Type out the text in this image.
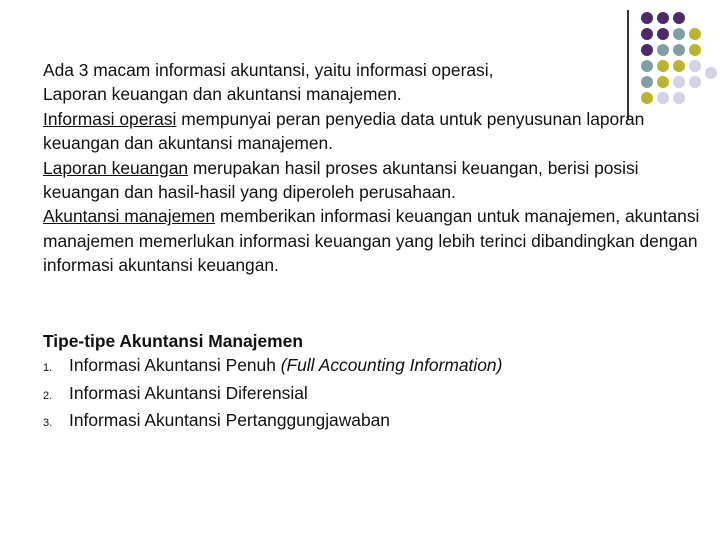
Ada 3 macam informasi akuntansi, yaitu informasi operasi,

Laporan keuangan dan akuntansi manajemen.

Informasi operasi mempunyai peran penyedia data untuk penyusunan laporan keuangan dan akuntansi manajemen.

Laporan keuangan merupakan hasil proses akuntansi keuangan, berisi posisi keuangan dan hasil-hasil yang diperoleh perusahaan.

Akuntansi manajemen memberikan informasi keuangan untuk manajemen, akuntansi manajemen memerlukan informasi keuangan yang lebih terinci dibandingkan dengan informasi akuntansi keuangan.

Tipe-tipe Akuntansi Manajemen

1. Informasi Akuntansi Penuh (Full Accounting Information)
2. Informasi Akuntansi Diferensial
3. Informasi Akuntansi Pertanggungjawaban
